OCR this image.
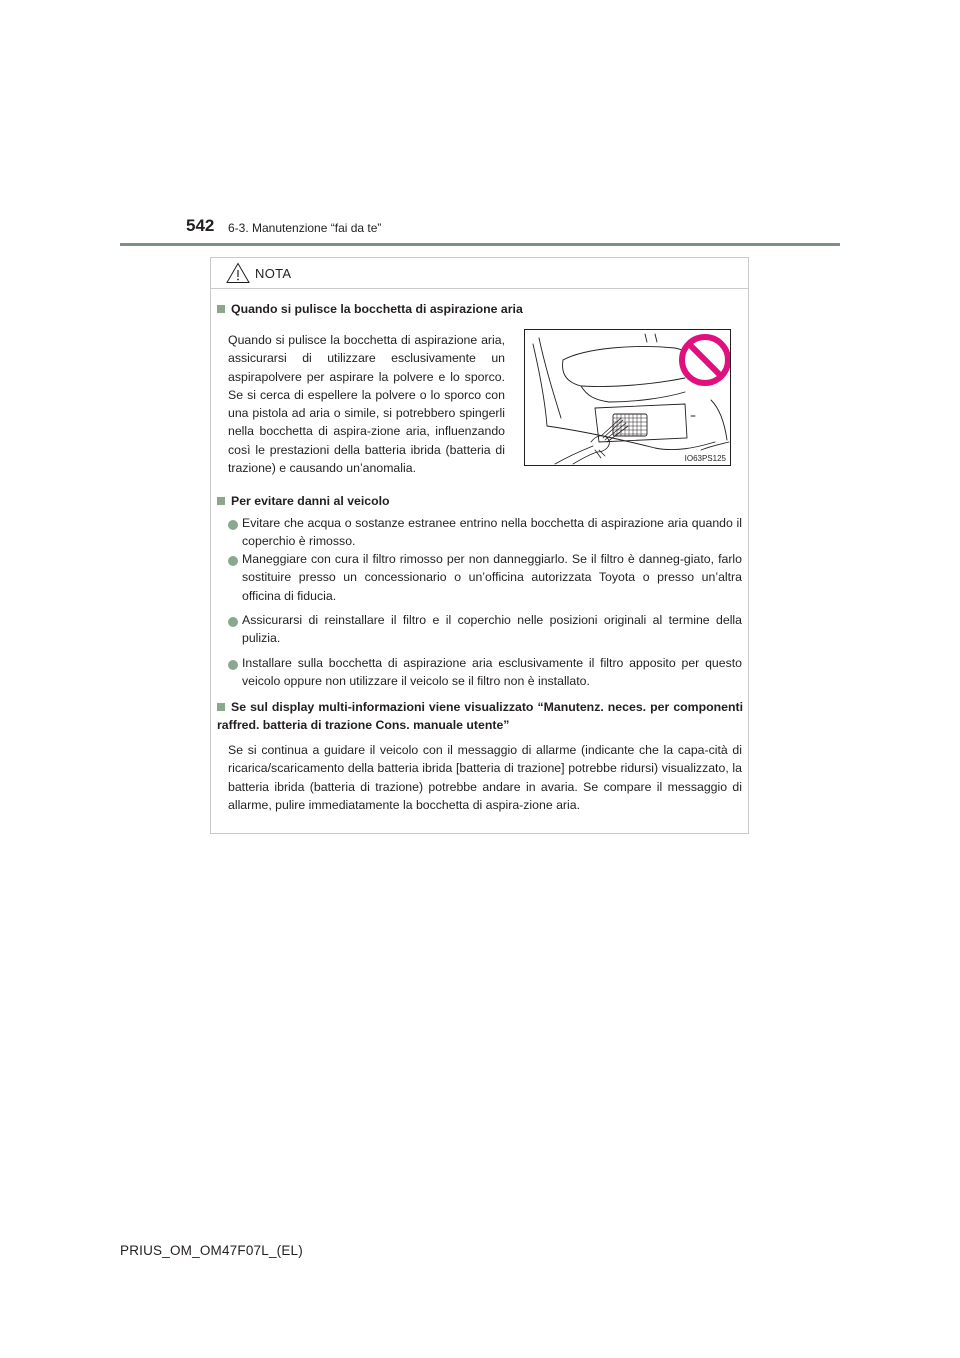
542 6-3. Manutenzione “fai da te”
NOTA
Quando si pulisce la bocchetta di aspirazione aria
Quando si pulisce la bocchetta di aspirazione aria, assicurarsi di utilizzare esclusivamente un aspirapolvere per aspirare la polvere e lo sporco. Se si cerca di espellere la polvere o lo sporco con una pistola ad aria o simile, si potrebbero spingerli nella bocchetta di aspira-zione aria, influenzando così le prestazioni della batteria ibrida (batteria di trazione) e causando un’anomalia.
IO63PS125
Per evitare danni al veicolo
Evitare che acqua o sostanze estranee entrino nella bocchetta di aspirazione aria quando il coperchio è rimosso.
Maneggiare con cura il filtro rimosso per non danneggiarlo. Se il filtro è danneg-giato, farlo sostituire presso un concessionario o un’officina autorizzata Toyota o presso un’altra officina di fiducia.
Assicurarsi di reinstallare il filtro e il coperchio nelle posizioni originali al termine della pulizia.
Installare sulla bocchetta di aspirazione aria esclusivamente il filtro apposito per questo veicolo oppure non utilizzare il veicolo se il filtro non è installato.
Se sul display multi-informazioni viene visualizzato “Manutenz. neces. per componenti raffred. batteria di trazione Cons. manuale utente”
Se si continua a guidare il veicolo con il messaggio di allarme (indicante che la capa-cità di ricarica/scaricamento della batteria ibrida [batteria di trazione] potrebbe ridursi) visualizzato, la batteria ibrida (batteria di trazione) potrebbe andare in avaria. Se compare il messaggio di allarme, pulire immediatamente la bocchetta di aspira-zione aria.
PRIUS_OM_OM47F07L_(EL)
